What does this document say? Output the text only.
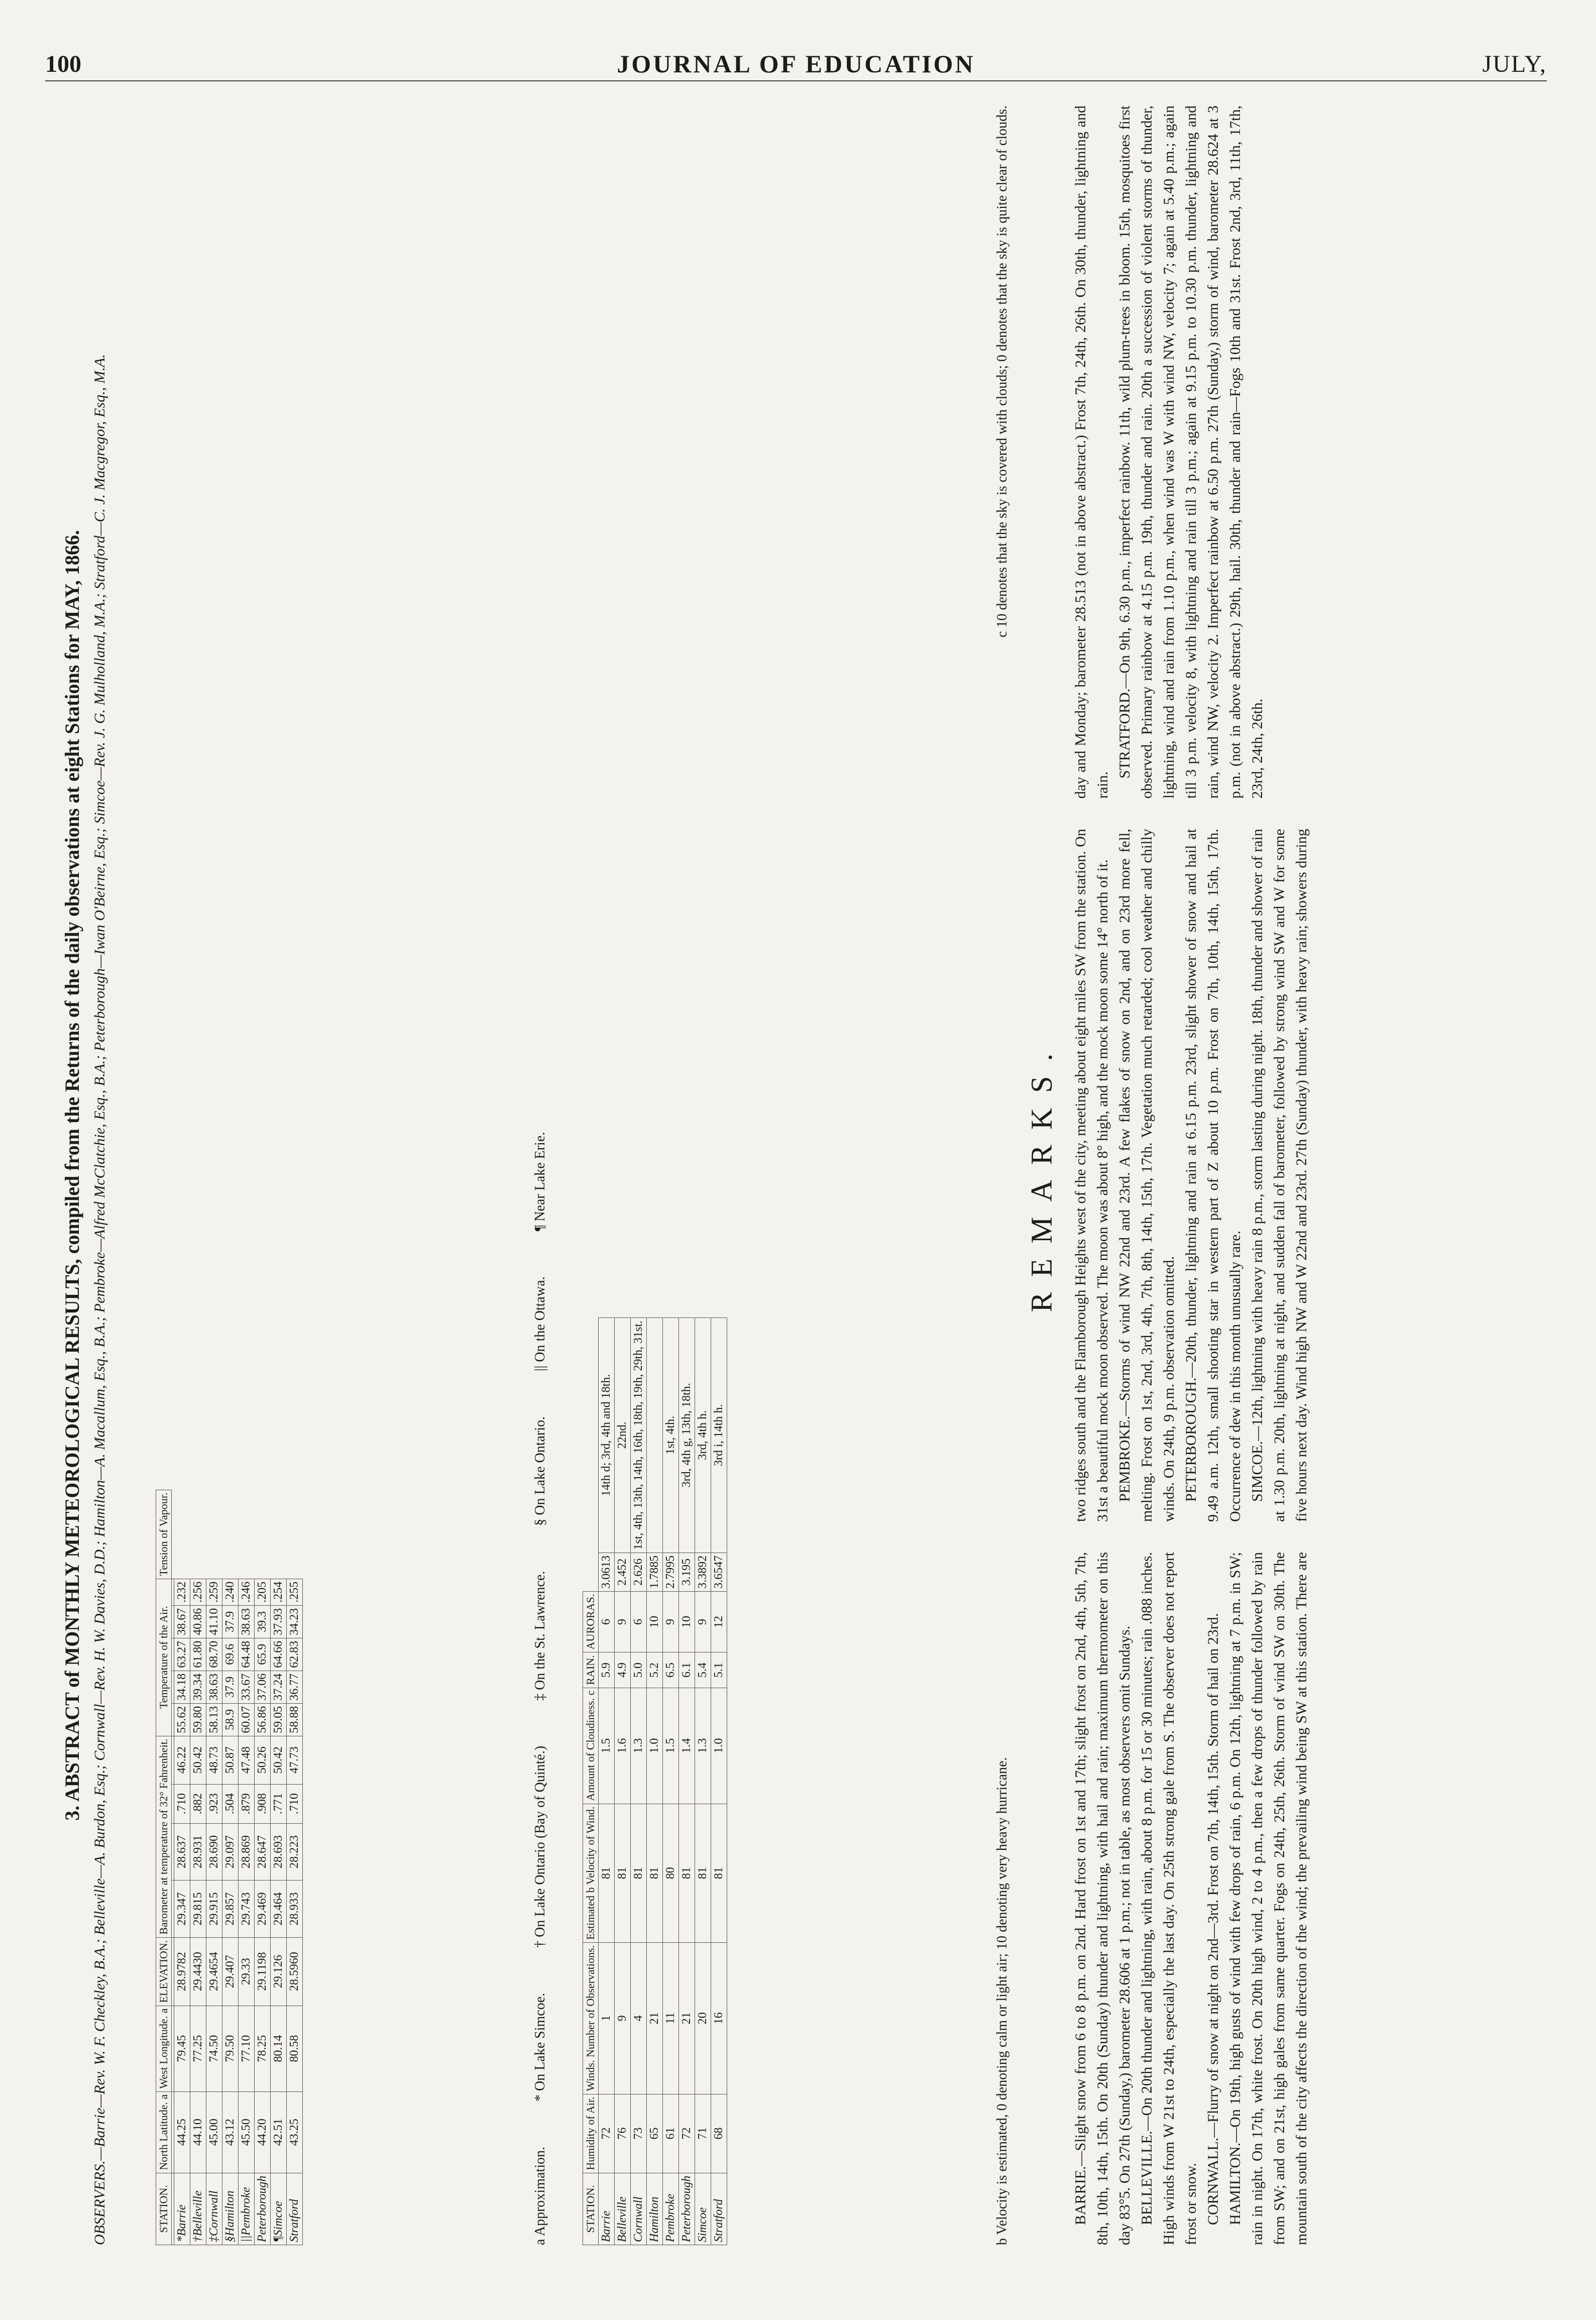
100	JOURNAL OF EDUCATION	JULY,
3. ABSTRACT of MONTHLY METEOROLOGICAL RESULTS, compiled from the Returns of the daily observations at eight Stations for MAY, 1866. OBSERVERS.—Barrie—Rev. W. F. Checkley, B.A.; Belleville—A. Burdon, Esq.; Cornwall—Rev. H. W. Davies, D.D.; Hamilton—A. Macallum, Esq., B.A.; Pembroke—Alfred McClatchie, Esq., B.A.; Peterborough—Iwan O'Beirne, Esq.; Simcoe—Rev. J. G. Mulholland, M.A.; Stratford—C. J. Macgregor, Esq., M.A.	STATION.	North Latitude. a	West Longitude. a	ELEVATION.	Barometer at temperature of 32° Fahrenheit.				Temperature of the Air.					Tension of Vapour.

*Barrie	44.25	79.45	28.9782	29.347	28.637	.710	46.22	55.62	34.18	63.27	38.67	.232	
†Belleville	44.10	77.25	29.4430	29.815	28.931	.882	50.42	59.80	39.34	61.80	40.86	.256	
‡Cornwall	45.00	74.50	29.4654	29.915	28.690	.923	48.73	58.13	38.63	68.70	41.10	.259	
§Hamilton	43.12	79.50	29.407	29.857	29.097	.504	50.87	58.9	37.9	69.6	37.9	.240	
||Pembroke	45.50	77.10	29.33	29.743	28.869	.879	47.48	60.07	33.67	64.48	38.63	.246	
Peterborough	44.20	78.25	29.1198	29.469	28.647	.908	50.26	56.86	37.06	65.9	39.3	.205	
¶Simcoe	42.51	80.14	29.126	29.464	28.693	.771	50.42	59.05	37.24	64.66	37.93	.254	
Stratford	43.25	80.58	28.5960	28.933	28.223	.710	47.73	58.88	36.77	62.83	34.23	.255	
a Approximation.* On Lake Simcoe.† On Lake Ontario (Bay of Quinté.)‡ On the St. Lawrence.§ On Lake Ontario.|| On the Ottawa.¶ Near Lake Erie.
STATION.	Humidity of Air.	Winds. Number of Observations.	Estimated b Velocity of Wind.	Amount of Cloudiness. c	RAIN.	AURORAS.		
Barrie	72	1	81	1.5	5.9	6	3.0613	14th d; 3rd, 4th and 18th.
Belleville	76	9	81	1.6	4.9	9	2.452	22nd.
Cornwall	73	4	81	1.3	5.0	6	2.626	1st, 4th, 13th, 14th, 16th, 18th, 19th, 29th, 31st.
Hamilton	65	21	81	1.0	5.2	10	1.7885	
Pembroke	61	11	80	1.5	6.5	9	2.7995	1st, 4th.
Peterborough	72	21	81	1.4	6.1	10	3.195	3rd, 4th g, 13th, 18th.
Simcoe	71	20	81	1.3	5.4	9	3.3892	3rd, 4th h.
Stratford	68	16	81	1.0	5.1	12	3.6547	3rd i, 14th h.
b Velocity is estimated, 0 denoting calm or light air; 10 denoting very heavy hurricane.
c 10 denotes that the sky is covered with clouds; 0 denotes that the sky is quite clear of clouds.
REMARKS.

BARRIE.—Slight snow from 6 to 8 p.m. on 2nd. Hard frost on 1st and 17th; slight frost on 2nd, 4th, 5th, 7th, 8th, 10th, 14th, 15th. On 20th (Sunday) thunder and lightning, with hail and rain; maximum thermometer on this day 83°5. On 27th (Sunday,) barometer 28.606 at 1 p.m.; not in table, as most observers omit Sundays. BELLEVILLE.—On 20th thunder and lightning, with rain, about 8 p.m. for 15 or 30 minutes; rain .088 inches. High winds from W 21st to 24th, especially the last day. On 25th strong gale from S. The observer does not report frost or snow. CORNWALL.—Flurry of snow at night on 2nd—3rd. Frost on 7th, 14th, 15th. Storm of hail on 23rd. HAMILTON.—On 19th, high gusts of wind with few drops of rain, 6 p.m. On 12th, lightning at 7 p.m. in SW; rain in night. On 17th, white frost. On 20th high wind, 2 to 4 p.m., then a few drops of thunder followed by rain from SW; and on 21st, high gales from same quarter. Fogs on 24th, 25th, 26th. Storm of wind SW on 30th. The mountain south of the city affects the direction of the wind; the prevailing wind being SW at this station. There are two ridges south and the Flamborough Heights west of the city, meeting about eight miles SW from the station. On 31st a beautiful mock moon observed. The moon was about 8° high, and the mock moon some 14° north of it. PEMBROKE.—Storms of wind NW 22nd and 23rd. A few flakes of snow on 2nd, and on 23rd more fell, melting. Frost on 1st, 2nd, 3rd, 4th, 7th, 8th, 14th, 15th, 17th. Vegetation much retarded; cool weather and chilly winds. On 24th, 9 p.m. observation omitted. PETERBOROUGH.—20th, thunder, lightning and rain at 6.15 p.m. 23rd, slight shower of snow and hail at 9.49 a.m. 12th, small shooting star in western part of Z about 10 p.m. Frost on 7th, 10th, 14th, 15th, 17th. Occurrence of dew in this month unusually rare. SIMCOE.—12th, lightning with heavy rain 8 p.m., storm lasting during night. 18th, thunder and shower of rain at 1.30 p.m. 20th, lightning at night, and sudden fall of barometer, followed by strong wind SW and W for some five hours next day. Wind high NW and W 22nd and 23rd. 27th (Sunday) thunder, with heavy rain; showers during day and Monday; barometer 28.513 (not in above abstract.) Frost 7th, 24th, 26th. On 30th, thunder, lightning and rain.

STRATFORD.—On 9th, 6.30 p.m., imperfect rainbow. 11th, wild plum-trees in bloom. 15th, mosquitoes first observed. Primary rainbow at 4.15 p.m. 19th, thunder and rain. 20th a succession of violent storms of thunder, lightning, wind and rain from 1.10 p.m., when wind was W with wind NW, velocity 7; again at 5.40 p.m.; again till 3 p.m. velocity 8, with lightning and rain till 3 p.m.; again at 9.15 p.m. to 10.30 p.m. thunder, lightning and rain, wind NW, velocity 2. Imperfect rainbow at 6.50 p.m. 27th (Sunday,) storm of wind, barometer 28.624 at 3 p.m. (not in above abstract.) 29th, hail. 30th, thunder and rain—Fogs 10th and 31st. Frost 2nd, 3rd, 11th, 17th, 23rd, 24th, 26th.
